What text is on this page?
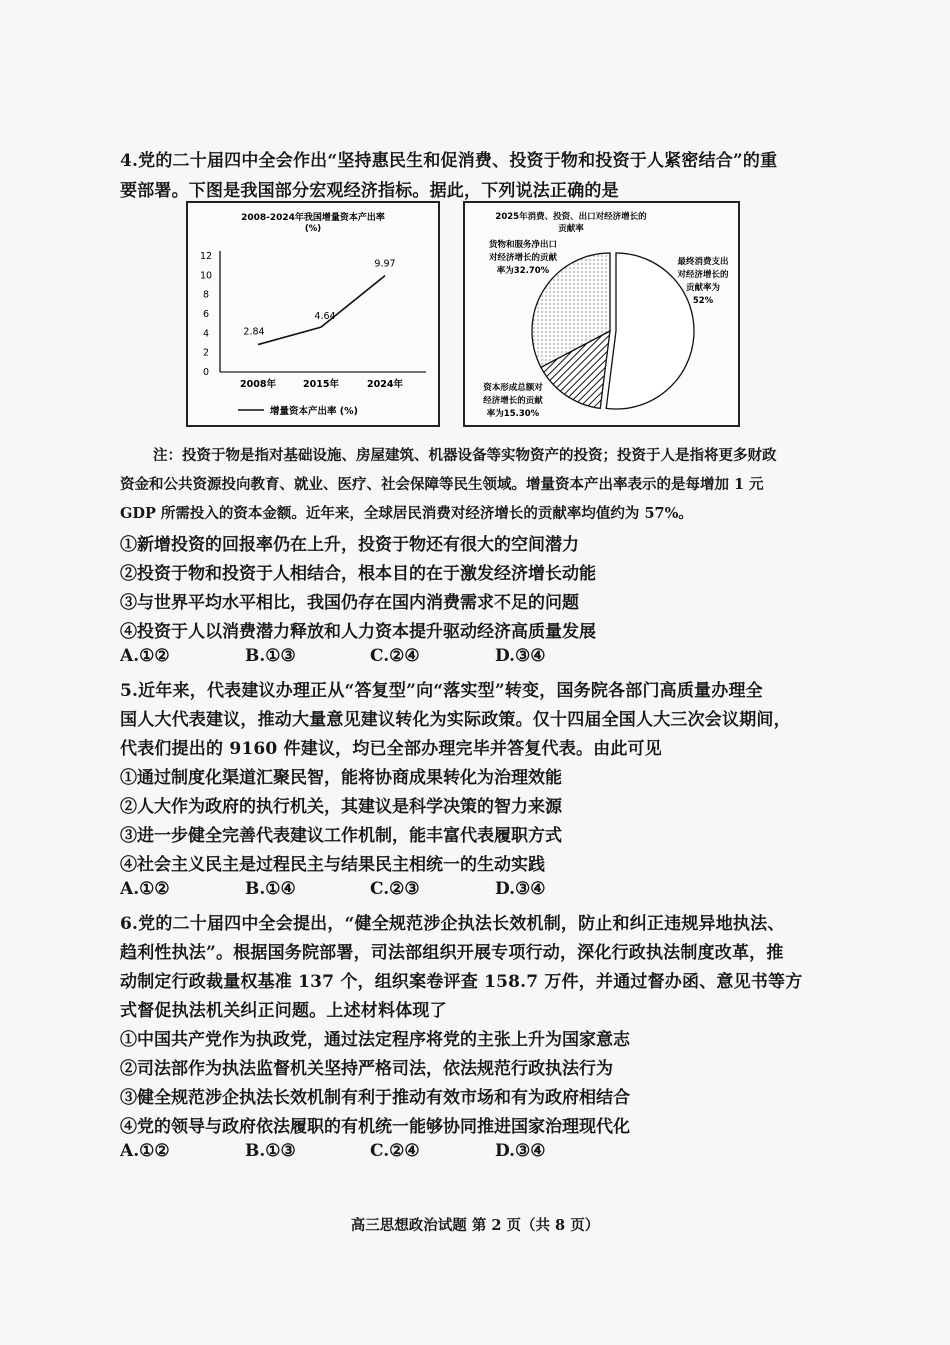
4.党的二十届四中全会作出“坚持惠民生和促消费、投资于物和投资于人紧密结合”的重
要部署。下图是我国部分宏观经济指标。据此，下列说法正确的是
2008-2024年我国增量资本产出率
(%)
12
10
8
6
4
2
0
2008年	2015年	2024年
2.84
4.64
9.97
增量资本产出率 (%)
2025年消费、投资、出口对经济增长的
贡献率
最终消费支出
对经济增长的
贡献率为
52%
货物和服务净出口
对经济增长的贡献
率为32.70%
资本形成总额对
经济增长的贡献
率为15.30%
注：投资于物是指对基础设施、房屋建筑、机器设备等实物资产的投资；投资于人是指将更多财政
资金和公共资源投向教育、就业、医疗、社会保障等民生领域。增量资本产出率表示的是每增加 1 元
GDP 所需投入的资本金额。近年来，全球居民消费对经济增长的贡献率均值约为 57%。
①新增投资的回报率仍在上升，投资于物还有很大的空间潜力
②投资于物和投资于人相结合，根本目的在于激发经济增长动能
③与世界平均水平相比，我国仍存在国内消费需求不足的问题
④投资于人以消费潜力释放和人力资本提升驱动经济高质量发展
A.①②	B.①③	C.②④	D.③④
5.近年来，代表建议办理正从“答复型”向“落实型”转变，国务院各部门高质量办理全
国人大代表建议，推动大量意见建议转化为实际政策。仅十四届全国人大三次会议期间，
代表们提出的 9160 件建议，均已全部办理完毕并答复代表。由此可见
①通过制度化渠道汇聚民智，能将协商成果转化为治理效能
②人大作为政府的执行机关，其建议是科学决策的智力来源
③进一步健全完善代表建议工作机制，能丰富代表履职方式
④社会主义民主是过程民主与结果民主相统一的生动实践
A.①②	B.①④	C.②③	D.③④
6.党的二十届四中全会提出，“健全规范涉企执法长效机制，防止和纠正违规异地执法、
趋利性执法”。根据国务院部署，司法部组织开展专项行动，深化行政执法制度改革，推
动制定行政裁量权基准 137 个，组织案卷评查 158.7 万件，并通过督办函、意见书等方
式督促执法机关纠正问题。上述材料体现了
①中国共产党作为执政党，通过法定程序将党的主张上升为国家意志
②司法部作为执法监督机关坚持严格司法，依法规范行政执法行为
③健全规范涉企执法长效机制有利于推动有效市场和有为政府相结合
④党的领导与政府依法履职的有机统一能够协同推进国家治理现代化
A.①②	B.①③	C.②④	D.③④
高三思想政治试题 第 2 页（共 8 页）
